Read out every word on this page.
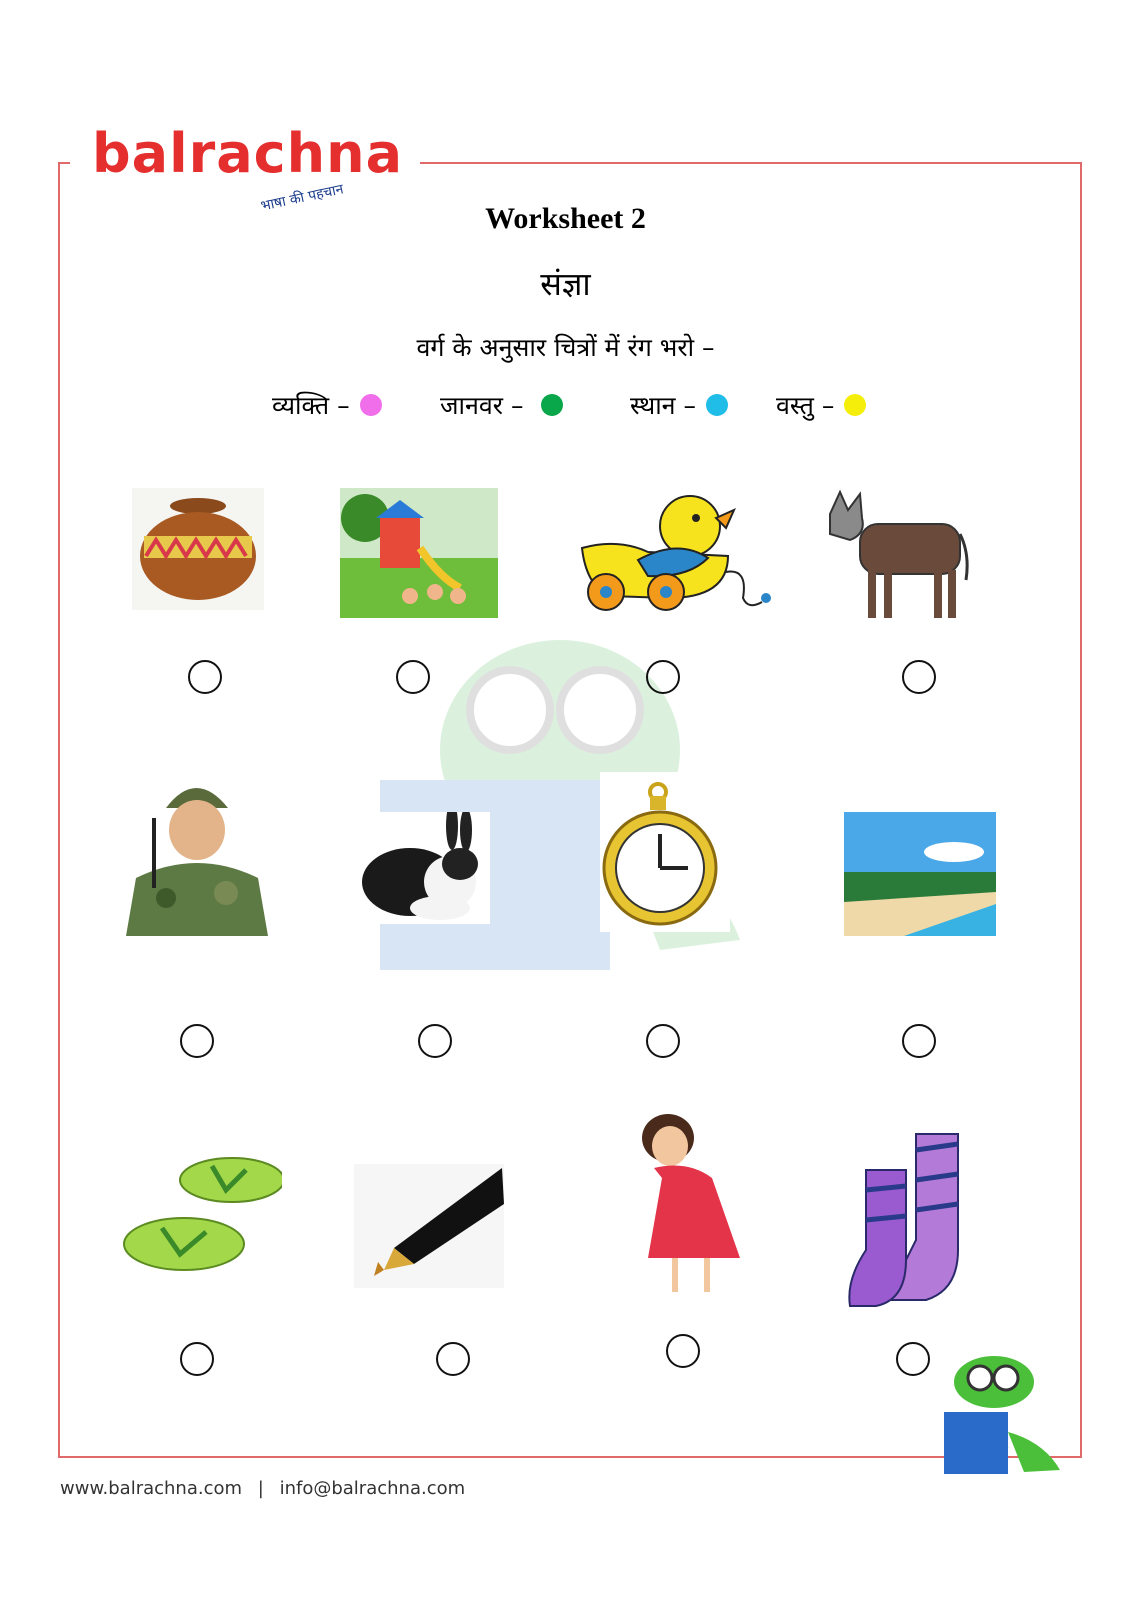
balrachna
भाषा की पहचान
Worksheet 2
संज्ञा
वर्ग के अनुसार चित्रों में रंग भरो –
व्यक्ति –	जानवर –	स्थान –	वस्तु –
www.balrachna.com | info@balrachna.com
